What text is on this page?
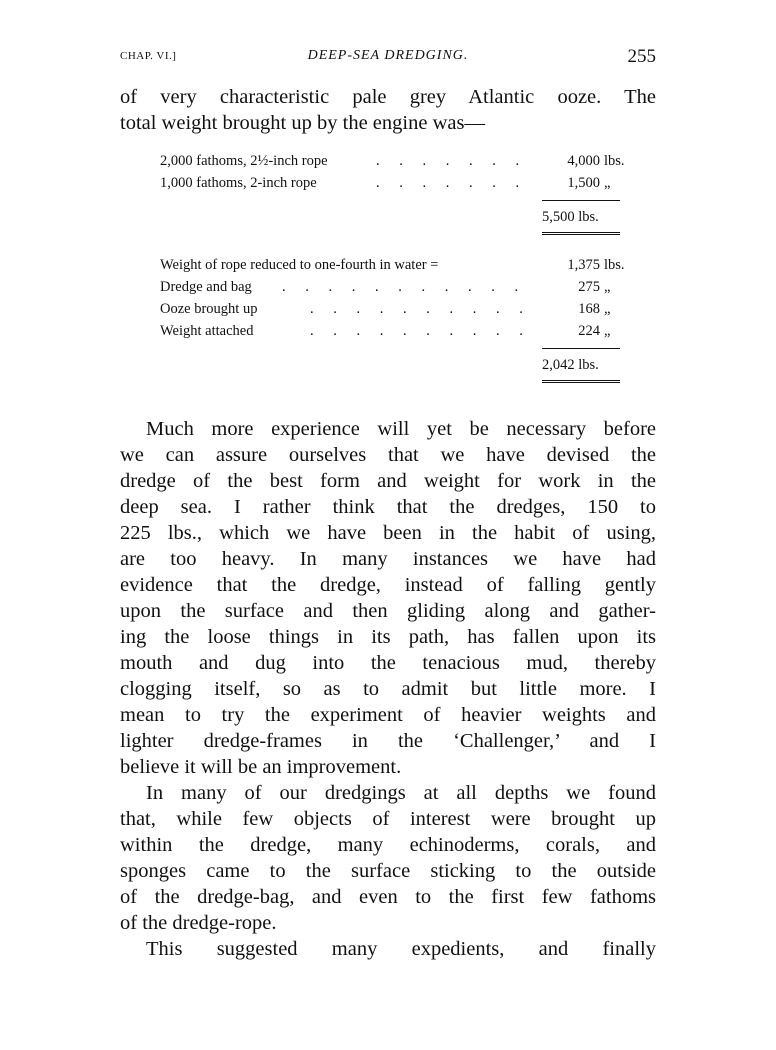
CHAP. VI.]	DEEP-SEA DREDGING.	255

of very characteristic pale grey Atlantic ooze. The
total weight brought up by the engine was—

2,000 fathoms, 2½-inch rope	. . . . . . .	4,000 lbs.
1,000 fathoms, 2-inch rope	. . . . . . .	1,500 „
5,500 lbs.
Weight of rope reduced to one-fourth in water =	1,375 lbs.
Dredge and bag . . . . . . . . . . .	275 „
Ooze brought up	. . . . . . . . . .	168 „
Weight attached	. . . . . . . . . .	224 „
2,042 lbs.

Much more experience will yet be necessary before
we can assure ourselves that we have devised the
dredge of the best form and weight for work in the
deep sea. I rather think that the dredges, 150 to
225 lbs., which we have been in the habit of using,
are too heavy. In many instances we have had
evidence that the dredge, instead of falling gently
upon the surface and then gliding along and gather-
ing the loose things in its path, has fallen upon its
mouth and dug into the tenacious mud, thereby
clogging itself, so as to admit but little more. I
mean to try the experiment of heavier weights and
lighter dredge-frames in the ‘Challenger,’ and I
believe it will be an improvement.

In many of our dredgings at all depths we found
that, while few objects of interest were brought up
within the dredge, many echinoderms, corals, and
sponges came to the surface sticking to the outside
of the dredge-bag, and even to the first few fathoms
of the dredge-rope.

This suggested many expedients, and finally
